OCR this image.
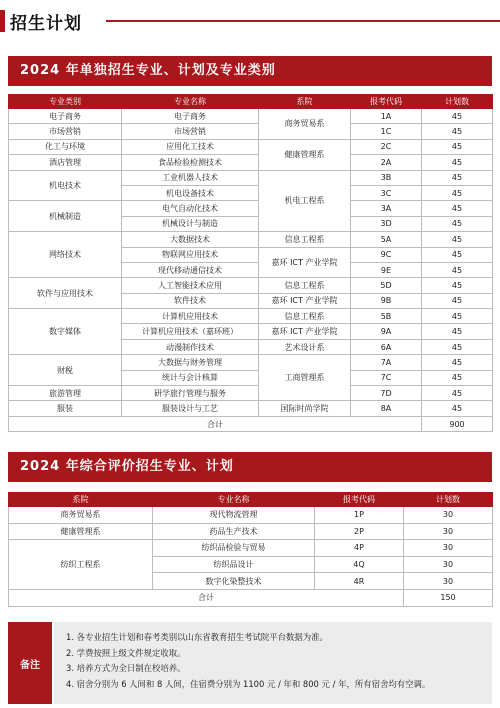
招生计划
2024 年单独招生专业、计划及专业类别
专业类别	专业名称	系院	报考代码	计划数
电子商务	电子商务	商务贸易系	1A	45
市场营销	市场营销		1C	45
化工与环境	应用化工技术	健康管理系	2C	45
酒店管理	食品检验检测技术		2A	45
机电技术	工业机器人技术	机电工程系	3B	45
	机电设备技术		3C	45
机械制造	电气自动化技术		3A	45
	机械设计与制造		3D	45
网络技术	大数据技术	信息工程系	5A	45
	物联网应用技术	嘉环 ICT 产业学院	9C	45
	现代移动通信技术		9E	45
软件与应用技术	人工智能技术应用	信息工程系	5D	45
	软件技术	嘉环 ICT 产业学院	9B	45
数字媒体	计算机应用技术	信息工程系	5B	45
	计算机应用技术（嘉环班）	嘉环 ICT 产业学院	9A	45
	动漫制作技术	艺术设计系	6A	45
财税	大数据与财务管理	工商管理系	7A	45
	统计与会计核算		7C	45
旅游管理	研学旅行管理与服务		7D	45
服装	服装设计与工艺	国际时尚学院	8A	45
合计				900
2024 年综合评价招生专业、计划
系院	专业名称	报考代码	计划数
商务贸易系	现代物流管理	1P	30
健康管理系	药品生产技术	2P	30
纺织工程系	纺织品检验与贸易	4P	30
	纺织品设计	4Q	30
	数字化染整技术	4R	30
合计			150
备注
1. 各专业招生计划和春考类别以山东省教育招生考试院平台数据为准。
2. 学费按照上级文件规定收取。
3. 培养方式为全日制在校培养。
4. 宿舍分别为 6 人间和 8 人间，住宿费分别为 1100 元 / 年和 800 元 / 年，所有宿舍均有空调。
